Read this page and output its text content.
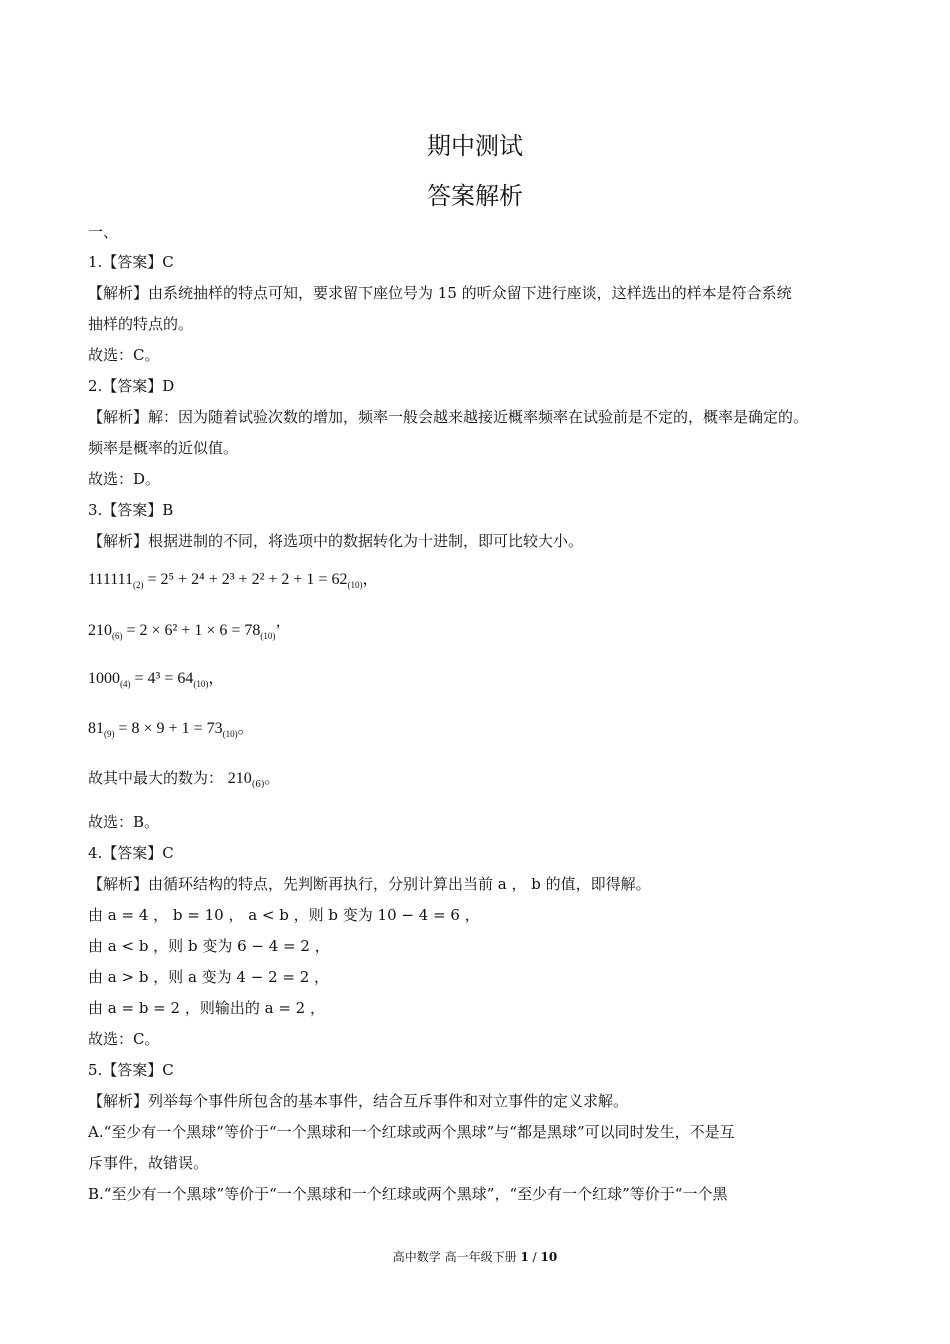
期中测试
答案解析
一、
1.【答案】C
【解析】由系统抽样的特点可知，要求留下座位号为 15 的听众留下进行座谈，这样选出的样本是符合系统
抽样的特点的。
故选：C。
2.【答案】D
【解析】解：因为随着试验次数的增加，频率一般会越来越接近概率频率在试验前是不定的，概率是确定的。
频率是概率的近似值。
故选：D。
3.【答案】B
【解析】根据进制的不同，将选项中的数据转化为十进制，即可比较大小。
$111111_{(2)} = 2^5 + 2^4 + 2^3 + 2^2 + 2 + 1 = 62_{(10)}$，
$210_{(6)} = 2 \times 6^2 + 1 \times 6 = 78_{(10)}$’
$1000_{(4)} = 4^3 = 64_{(10)}$，
$81_{(9)} = 8 \times 9 + 1 = 73_{(10)}$。
故其中最大的数为： $210_{(6)}$。
故选：B。
4.【答案】C
【解析】由循环结构的特点，先判断再执行，分别计算出当前 a ， b 的值，即得解。
由 a = 4 ， b = 10 ， a < b ，则 b 变为 10 − 4 = 6 ，
由 a < b ，则 b 变为 6 − 4 = 2 ，
由 a > b ，则 a 变为 4 − 2 = 2 ，
由 a = b = 2 ，则输出的 a = 2 ，
故选：C。
5.【答案】C
【解析】列举每个事件所包含的基本事件，结合互斥事件和对立事件的定义求解。
A.“至少有一个黑球”等价于“一个黑球和一个红球或两个黑球”与“都是黑球”可以同时发生，不是互
斥事件，故错误。
B.“至少有一个黑球”等价于“一个黑球和一个红球或两个黑球”，“至少有一个红球”等价于“一个黑
高中数学 高一年级下册 1 / 10
